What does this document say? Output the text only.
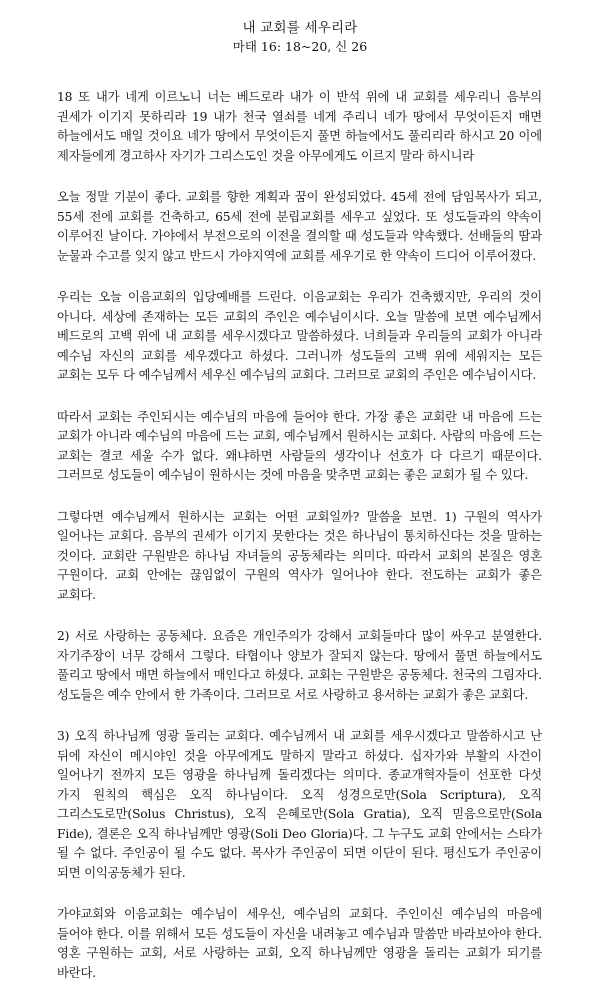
내 교회를 세우리라
마태 16: 18~20, 신 26

18 또 내가 네게 이르노니 너는 베드로라 내가 이 반석 위에 내 교회를 세우리니 음부의 권세가 이기지 못하리라 19 내가 천국 열쇠를 네게 주리니 네가 땅에서 무엇이든지 매면 하늘에서도 매일 것이요 네가 땅에서 무엇이든지 풀면 하늘에서도 풀리리라 하시고 20 이에 제자들에게 경고하사 자기가 그리스도인 것을 아무에게도 이르지 말라 하시니라

오늘 정말 기분이 좋다. 교회를 향한 계획과 꿈이 완성되었다. 45세 전에 담임목사가 되고, 55세 전에 교회를 건축하고, 65세 전에 분립교회를 세우고 싶었다. 또 성도들과의 약속이 이루어진 날이다. 가야에서 부전으로의 이전을 결의할 때 성도들과 약속했다. 선배들의 땀과 눈물과 수고를 잊지 않고 반드시 가야지역에 교회를 세우기로 한 약속이 드디어 이루어졌다.

우리는 오늘 이음교회의 입당예배를 드린다. 이음교회는 우리가 건축했지만, 우리의 것이 아니다. 세상에 존재하는 모든 교회의 주인은 예수님이시다. 오늘 말씀에 보면 예수님께서 베드로의 고백 위에 내 교회를 세우시겠다고 말씀하셨다. 너희들과 우리들의 교회가 아니라 예수님 자신의 교회를 세우겠다고 하셨다. 그러니까 성도들의 고백 위에 세워지는 모든 교회는 모두 다 예수님께서 세우신 예수님의 교회다. 그러므로 교회의 주인은 예수님이시다.

따라서 교회는 주인되시는 예수님의 마음에 들어야 한다. 가장 좋은 교회란 내 마음에 드는 교회가 아니라 예수님의 마음에 드는 교회, 예수님께서 원하시는 교회다. 사람의 마음에 드는 교회는 결코 세울 수가 없다. 왜냐하면 사람들의 생각이나 선호가 다 다르기 때문이다. 그러므로 성도들이 예수님이 원하시는 것에 마음을 맞추면 교회는 좋은 교회가 될 수 있다.

그렇다면 예수님께서 원하시는 교회는 어떤 교회일까? 말씀을 보면. 1) 구원의 역사가 일어나는 교회다. 음부의 권세가 이기지 못한다는 것은 하나님이 통치하신다는 것을 말하는 것이다. 교회란 구원받은 하나님 자녀들의 공동체라는 의미다. 따라서 교회의 본질은 영혼 구원이다. 교회 안에는 끊임없이 구원의 역사가 일어나야 한다. 전도하는 교회가 좋은 교회다.

2) 서로 사랑하는 공동체다. 요즘은 개인주의가 강해서 교회들마다 많이 싸우고 분열한다. 자기주장이 너무 강해서 그렇다. 타협이나 양보가 잘되지 않는다. 땅에서 풀면 하늘에서도 풀리고 땅에서 매면 하늘에서 매인다고 하셨다. 교회는 구원받은 공동체다. 천국의 그림자다. 성도들은 예수 안에서 한 가족이다. 그러므로 서로 사랑하고 용서하는 교회가 좋은 교회다.

3) 오직 하나님께 영광 돌리는 교회다. 예수님께서 내 교회를 세우시겠다고 말씀하시고 난 뒤에 자신이 메시야인 것을 아무에게도 말하지 말라고 하셨다. 십자가와 부활의 사건이 일어나기 전까지 모든 영광을 하나님께 돌리겠다는 의미다. 종교개혁자들이 선포한 다섯 가지 원칙의 핵심은 오직 하나님이다. 오직 성경으로만(Sola Scriptura), 오직 그리스도로만(Solus Christus), 오직 은혜로만(Sola Gratia), 오직 믿음으로만(Sola Fide), 결론은 오직 하나님께만 영광(Soli Deo Gloria)다. 그 누구도 교회 안에서는 스타가 될 수 없다. 주인공이 될 수도 없다. 목사가 주인공이 되면 이단이 된다. 평신도가 주인공이 되면 이익공동체가 된다.

가야교회와 이음교회는 예수님이 세우신, 예수님의 교회다. 주인이신 예수님의 마음에 들어야 한다. 이를 위해서 모든 성도들이 자신을 내려놓고 예수님과 말씀만 바라보아야 한다. 영혼 구원하는 교회, 서로 사랑하는 교회, 오직 하나님께만 영광을 돌리는 교회가 되기를 바란다.
